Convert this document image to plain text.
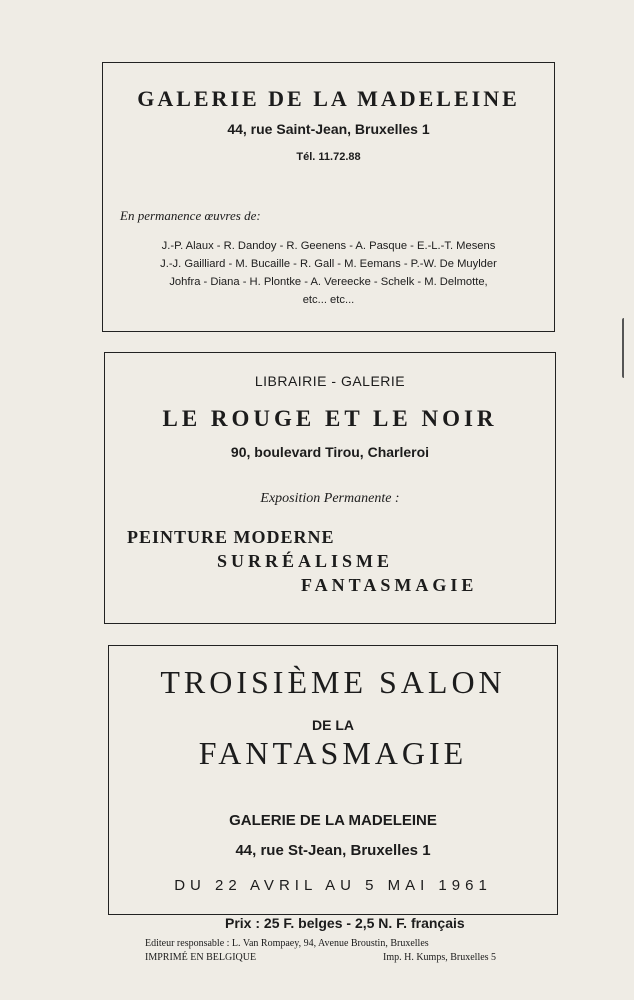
GALERIE DE LA MADELEINE
44, rue Saint-Jean, Bruxelles 1
Tél. 11.72.88
En permanence œuvres de:
J.-P. Alaux - R. Dandoy - R. Geenens - A. Pasque - E.-L.-T. Mesens
J.-J. Gailliard - M. Bucaille - R. Gall - M. Eemans - P.-W. De Muylder
Johfra - Diana - H. Plontke - A. Vereecke - Schelk - M. Delmotte,
etc... etc...
LIBRAIRIE - GALERIE
LE ROUGE ET LE NOIR
90, boulevard Tirou, Charleroi
Exposition Permanente :
PEINTURE MODERNE
SURRÉALISME
FANTASMAGIE
TROISIÈME SALON
DE LA
FANTASMAGIE
GALERIE DE LA MADELEINE
44, rue St-Jean, Bruxelles 1
DU 22 AVRIL AU 5 MAI 1961
Prix : 25 F. belges - 2,5 N. F. français
Editeur responsable : L. Van Rompaey, 94, Avenue Broustin, Bruxelles
IMPRIMÉ EN BELGIQUE	Imp. H. Kumps, Bruxelles 5
